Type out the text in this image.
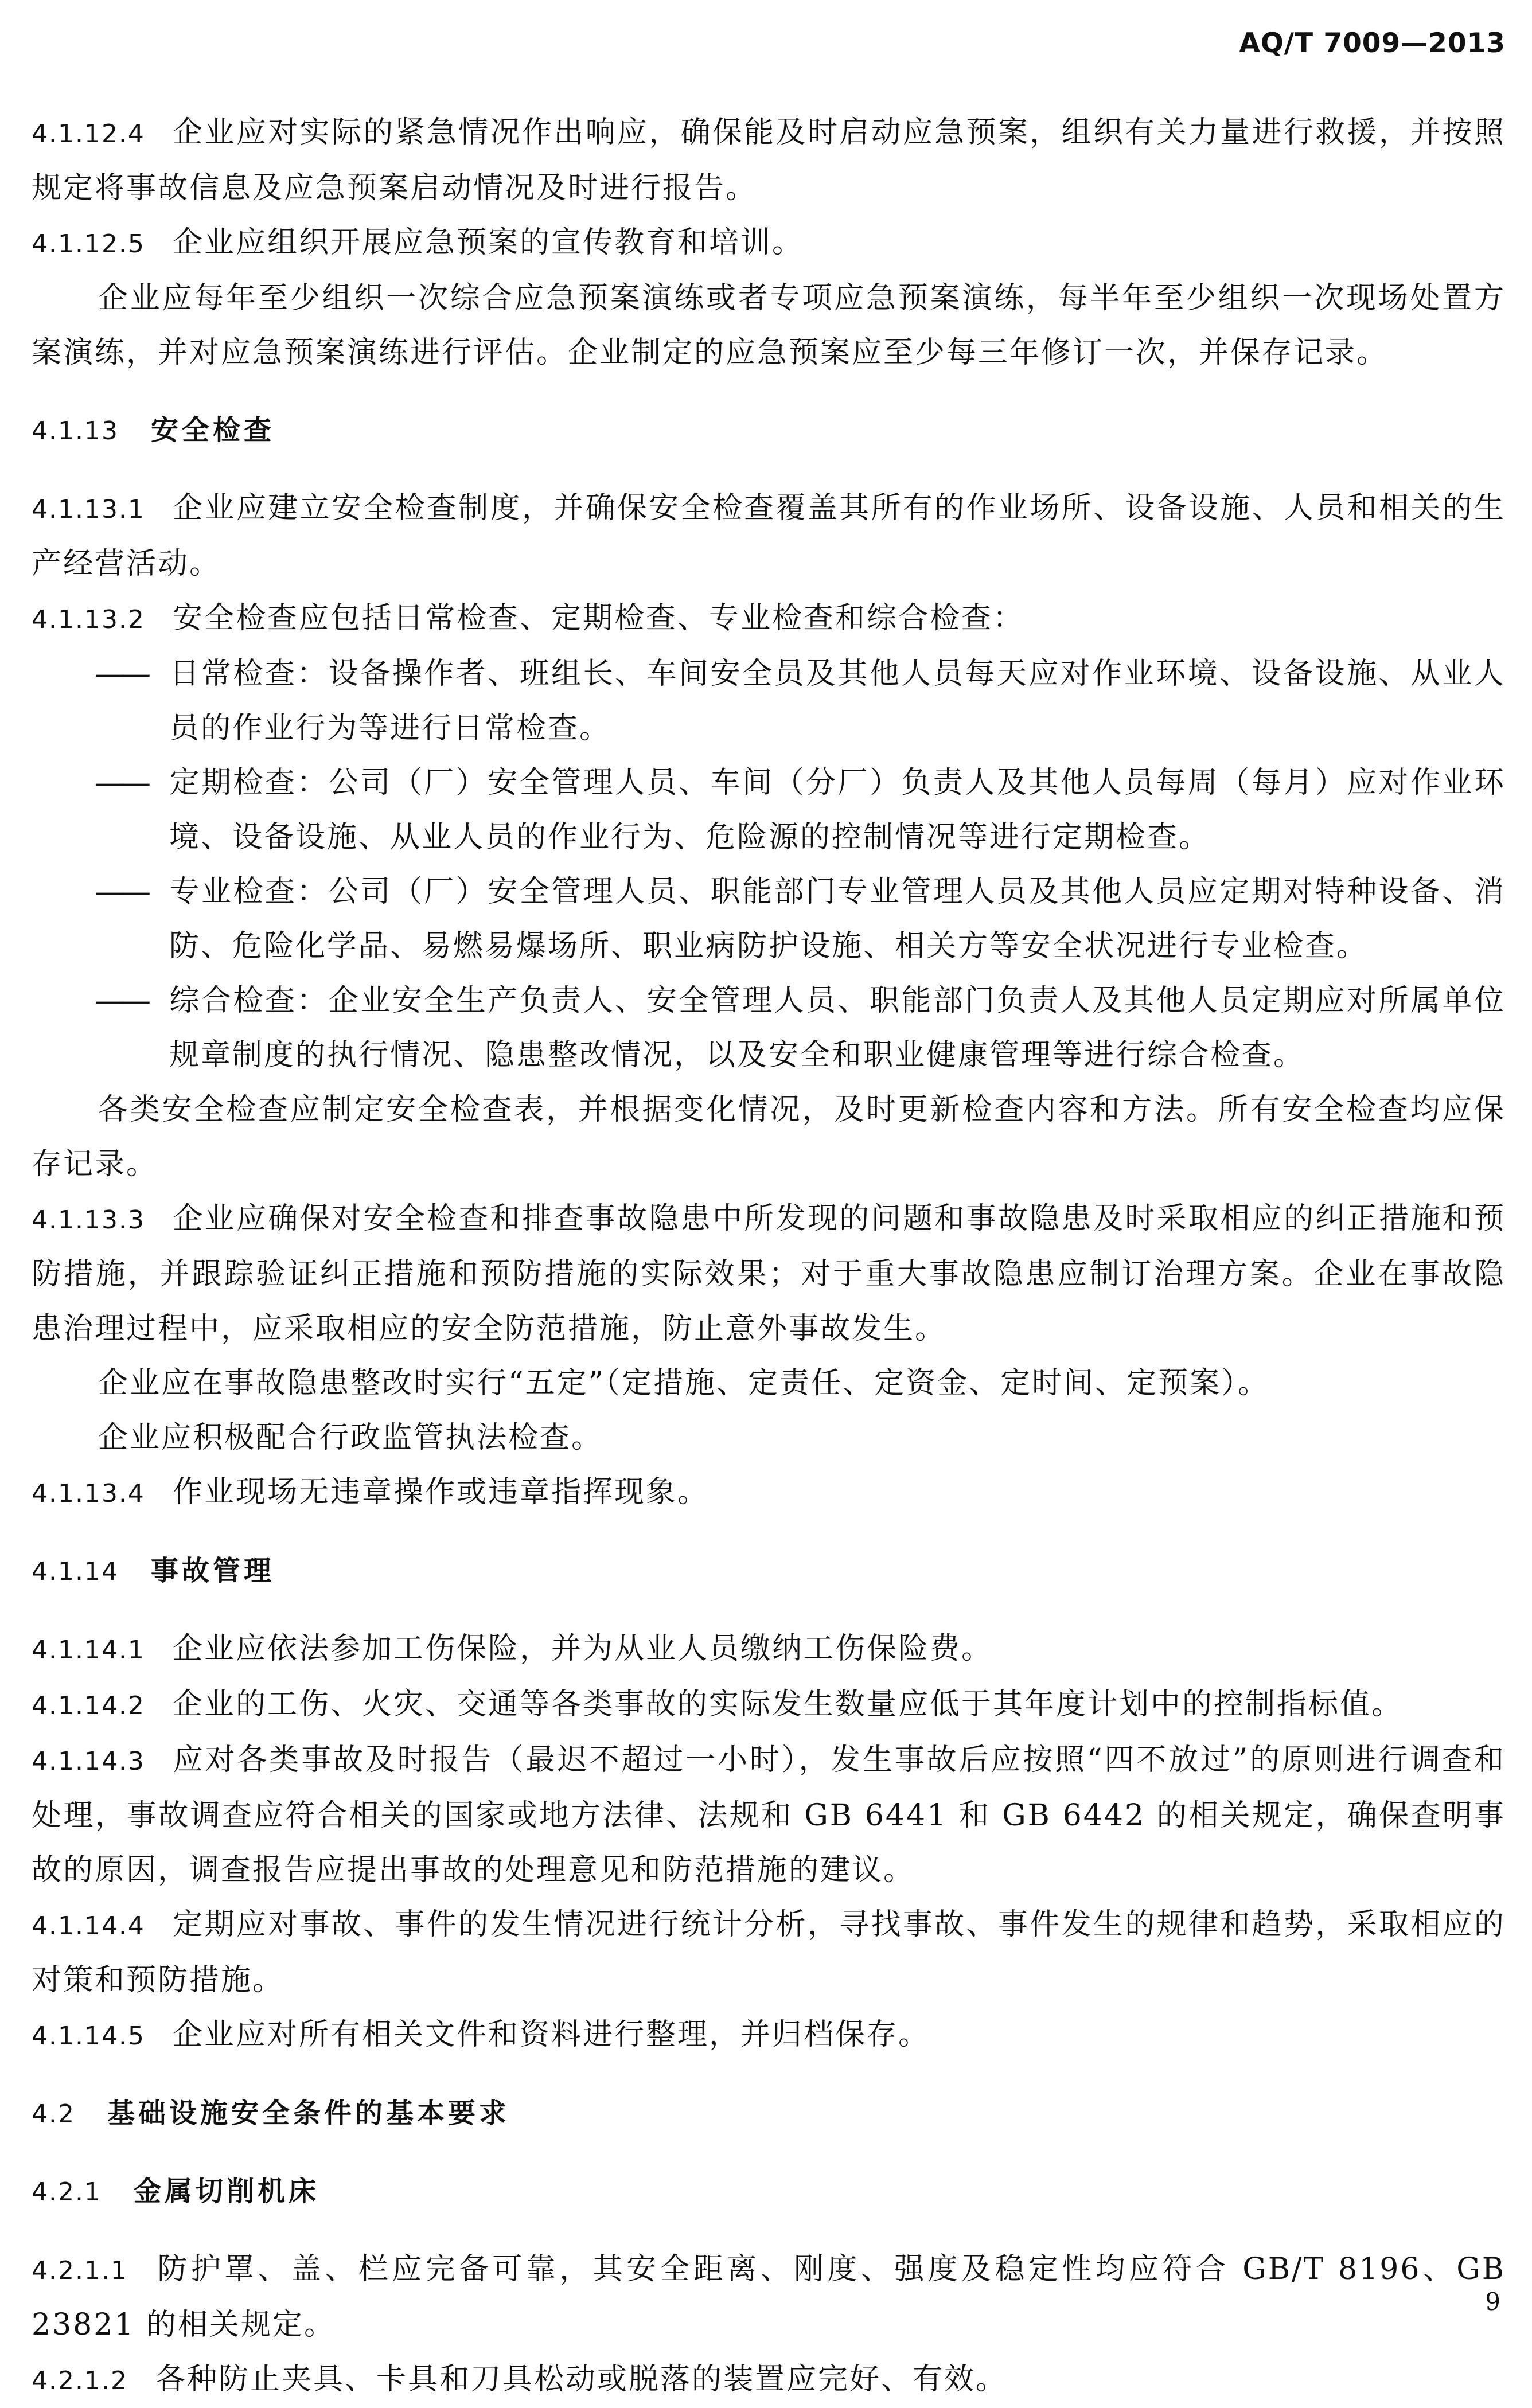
AQ/T 7009—2013

4.1.12.4 企业应对实际的紧急情况作出响应，确保能及时启动应急预案，组织有关力量进行救援，并按照规定将事故信息及应急预案启动情况及时进行报告。

4.1.12.5 企业应组织开展应急预案的宣传教育和培训。

企业应每年至少组织一次综合应急预案演练或者专项应急预案演练，每半年至少组织一次现场处置方案演练，并对应急预案演练进行评估。企业制定的应急预案应至少每三年修订一次，并保存记录。

4.1.13 安全检查

4.1.13.1 企业应建立安全检查制度，并确保安全检查覆盖其所有的作业场所、设备设施、人员和相关的生产经营活动。

4.1.13.2 安全检查应包括日常检查、定期检查、专业检查和综合检查：

—— 日常检查：设备操作者、班组长、车间安全员及其他人员每天应对作业环境、设备设施、从业人员的作业行为等进行日常检查。

—— 定期检查：公司（厂）安全管理人员、车间（分厂）负责人及其他人员每周（每月）应对作业环境、设备设施、从业人员的作业行为、危险源的控制情况等进行定期检查。

—— 专业检查：公司（厂）安全管理人员、职能部门专业管理人员及其他人员应定期对特种设备、消防、危险化学品、易燃易爆场所、职业病防护设施、相关方等安全状况进行专业检查。

—— 综合检查：企业安全生产负责人、安全管理人员、职能部门负责人及其他人员定期应对所属单位规章制度的执行情况、隐患整改情况，以及安全和职业健康管理等进行综合检查。

各类安全检查应制定安全检查表，并根据变化情况，及时更新检查内容和方法。所有安全检查均应保存记录。

4.1.13.3 企业应确保对安全检查和排查事故隐患中所发现的问题和事故隐患及时采取相应的纠正措施和预防措施，并跟踪验证纠正措施和预防措施的实际效果；对于重大事故隐患应制订治理方案。企业在事故隐患治理过程中，应采取相应的安全防范措施，防止意外事故发生。

企业应在事故隐患整改时实行“五定”（定措施、定责任、定资金、定时间、定预案）。

企业应积极配合行政监管执法检查。

4.1.13.4 作业现场无违章操作或违章指挥现象。

4.1.14 事故管理

4.1.14.1 企业应依法参加工伤保险，并为从业人员缴纳工伤保险费。

4.1.14.2 企业的工伤、火灾、交通等各类事故的实际发生数量应低于其年度计划中的控制指标值。

4.1.14.3 应对各类事故及时报告（最迟不超过一小时），发生事故后应按照“四不放过”的原则进行调查和处理，事故调查应符合相关的国家或地方法律、法规和 GB 6441 和 GB 6442 的相关规定，确保查明事故的原因，调查报告应提出事故的处理意见和防范措施的建议。

4.1.14.4 定期应对事故、事件的发生情况进行统计分析，寻找事故、事件发生的规律和趋势，采取相应的对策和预防措施。

4.1.14.5 企业应对所有相关文件和资料进行整理，并归档保存。

4.2 基础设施安全条件的基本要求
4.2.1 金属切削机床

4.2.1.1 防护罩、盖、栏应完备可靠，其安全距离、刚度、强度及稳定性均应符合 GB/T 8196、GB 23821 的相关规定。

4.2.1.2 各种防止夹具、卡具和刀具松动或脱落的装置应完好、有效。

9
